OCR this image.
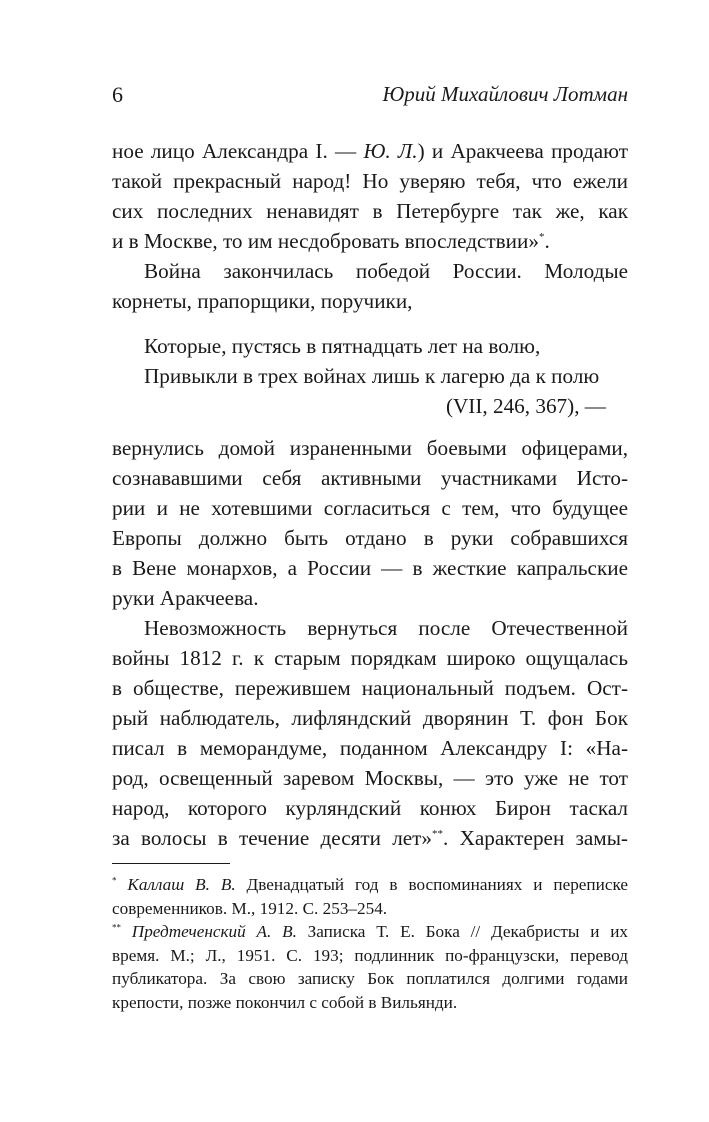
6	Юрий Михайлович Лотман

ное лицо Александра I. — Ю. Л.) и Аракчеева продают

такой прекрасный народ! Но уверяю тебя, что ежели

сих последних ненавидят в Петербурге так же, как

и в Москве, то им несдобровать впоследствии»*.

Война закончилась победой России. Молодые

корнеты, прапорщики, поручики,

Которые, пустясь в пятнадцать лет на волю,
Привыкли в трех войнах лишь к лагерю да к полю
(VII, 246, 367), —

вернулись домой израненными боевыми офицерами,

сознававшими себя активными участниками Исто-

рии и не хотевшими согласиться с тем, что будущее

Европы должно быть отдано в руки собравшихся

в Вене монархов, а России — в жесткие капральские

руки Аракчеева.

Невозможность вернуться после Отечественной

войны 1812 г. к старым порядкам широко ощущалась

в обществе, пережившем национальный подъем. Ост-

рый наблюдатель, лифляндский дворянин Т. фон Бок

писал в меморандуме, поданном Александру I: «На-

род, освещенный заревом Москвы, — это уже не тот

народ, которого курляндский конюх Бирон таскал

за волосы в течение десяти лет»**. Характерен замы-

* Каллаш В. В. Двенадцатый год в воспоминаниях и переписке

современников. М., 1912. С. 253–254.

** Предтеченский А. В. Записка Т. Е. Бока // Декабристы и их

время. М.; Л., 1951. С. 193; подлинник по-французски, перевод

публикатора. За свою записку Бок поплатился долгими годами

крепости, позже покончил с собой в Вильянди.
